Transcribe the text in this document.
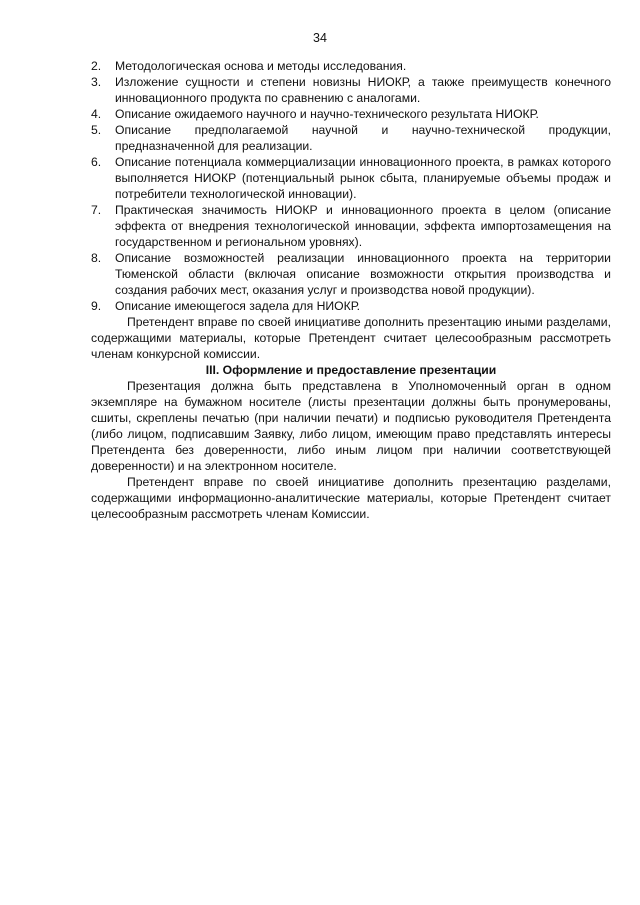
34
2. Методологическая основа и методы исследования.
3. Изложение сущности и степени новизны НИОКР, а также преимуществ конечного инновационного продукта по сравнению с аналогами.
4. Описание ожидаемого научного и научно-технического результата НИОКР.
5. Описание предполагаемой научной и научно-технической продукции, предназначенной для реализации.
6. Описание потенциала коммерциализации инновационного проекта, в рамках которого выполняется НИОКР (потенциальный рынок сбыта, планируемые объемы продаж и потребители технологической инновации).
7. Практическая значимость НИОКР и инновационного проекта в целом (описание эффекта от внедрения технологической инновации, эффекта импортозамещения на государственном и региональном уровнях).
8. Описание возможностей реализации инновационного проекта на территории Тюменской области (включая описание возможности открытия производства и создания рабочих мест, оказания услуг и производства новой продукции).
9. Описание имеющегося задела для НИОКР.

Претендент вправе по своей инициативе дополнить презентацию иными разделами, содержащими материалы, которые Претендент считает целесообразным рассмотреть членам конкурсной комиссии.

III. Оформление и предоставление презентации

Презентация должна быть представлена в Уполномоченный орган в одном экземпляре на бумажном носителе (листы презентации должны быть пронумерованы, сшиты, скреплены печатью (при наличии печати) и подписью руководителя Претендента (либо лицом, подписавшим Заявку, либо лицом, имеющим право представлять интересы Претендента без доверенности, либо иным лицом при наличии соответствующей доверенности) и на электронном носителе.

Претендент вправе по своей инициативе дополнить презентацию разделами, содержащими информационно-аналитические материалы, которые Претендент считает целесообразным рассмотреть членам Комиссии.
